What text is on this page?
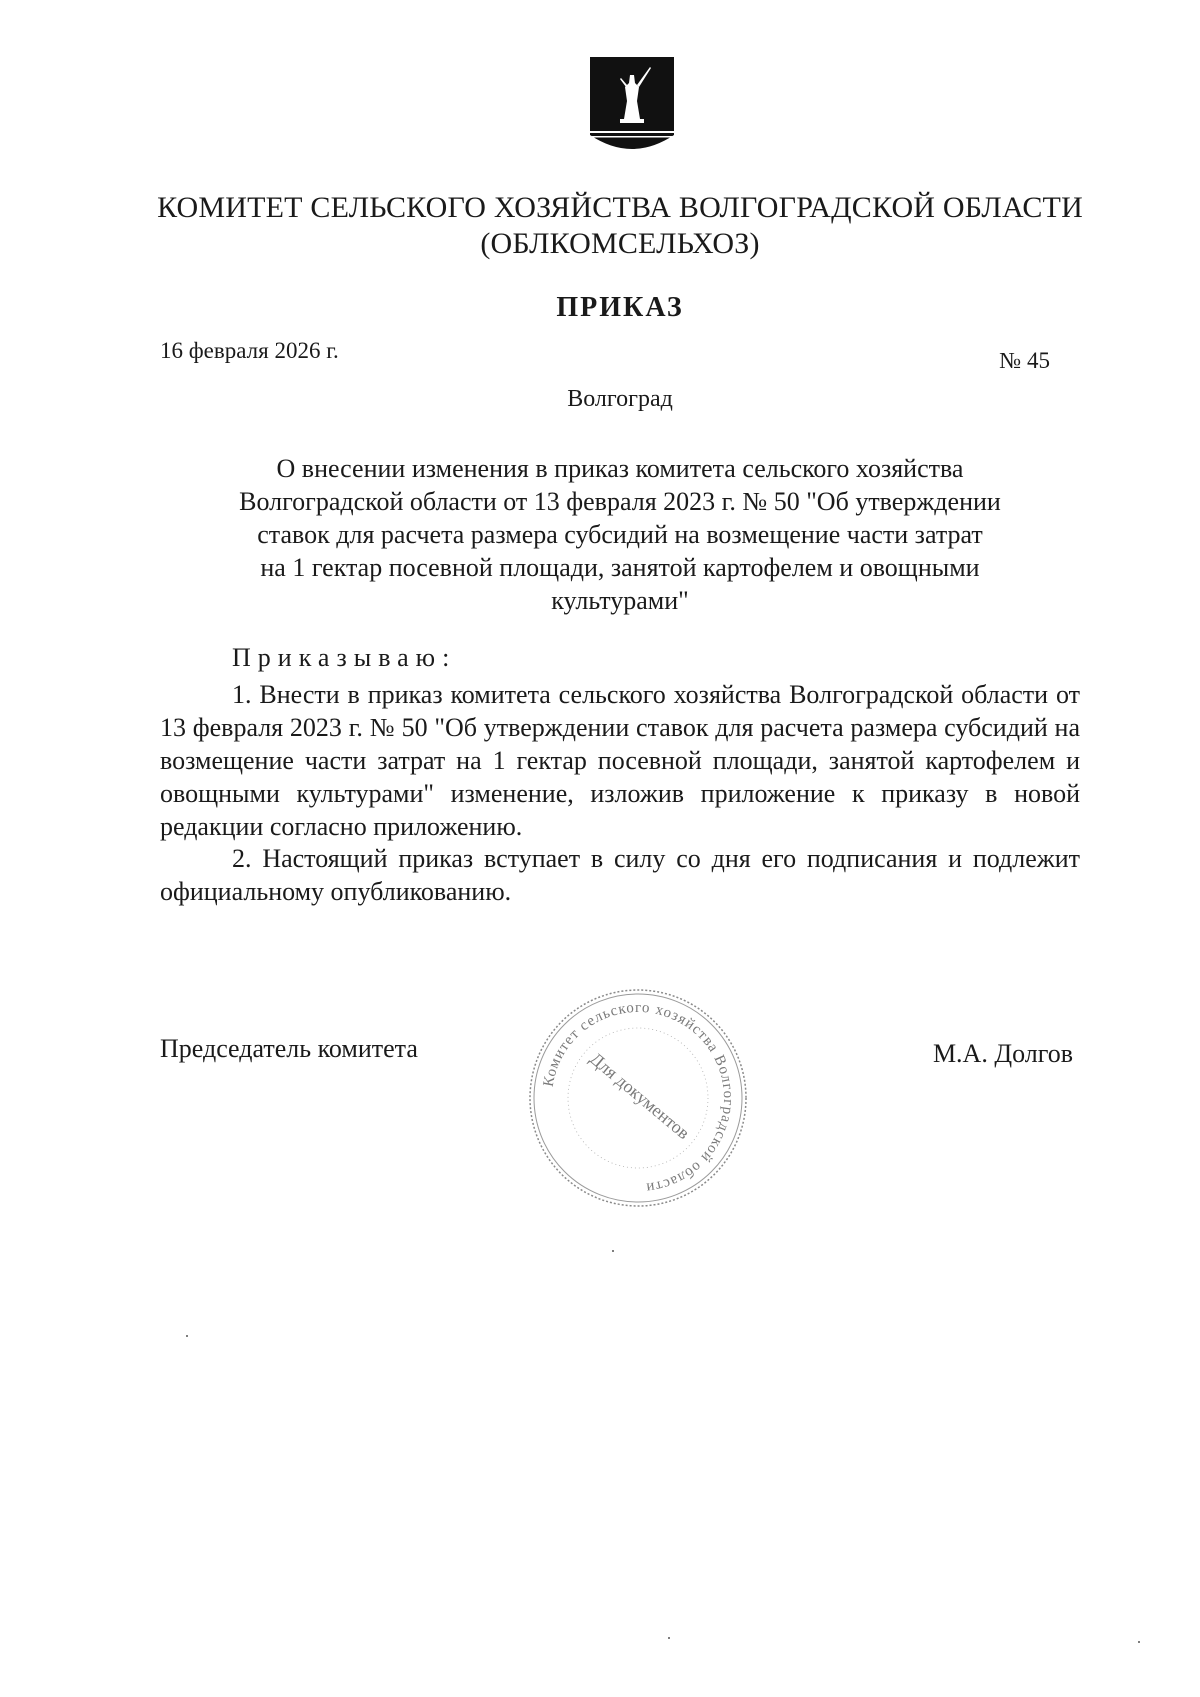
КОМИТЕТ СЕЛЬСКОГО ХОЗЯЙСТВА ВОЛГОГРАДСКОЙ ОБЛАСТИ
(ОБЛКОМСЕЛЬХОЗ)
ПРИКАЗ
16 февраля 2026 г.	№ 45
Волгоград
О внесении изменения в приказ комитета сельского хозяйства
Волгоградской области от 13 февраля 2023 г. № 50 "Об утверждении
ставок для расчета размера субсидий на возмещение части затрат
на 1 гектар посевной площади, занятой картофелем и овощными
культурами"
Приказываю:
1. Внести в приказ комитета сельского хозяйства Волгоградской области от 13 февраля 2023 г. № 50 "Об утверждении ставок для расчета размера субсидий на возмещение части затрат на 1 гектар посевной площади, занятой картофелем и овощными культурами" изменение, изложив приложение к приказу в новой редакции согласно приложению.
2. Настоящий приказ вступает в силу со дня его подписания и подлежит официальному опубликованию.
Председатель комитета	М.А. Долгов
Комитет сельского хозяйства Волгоградской области
Для документов
